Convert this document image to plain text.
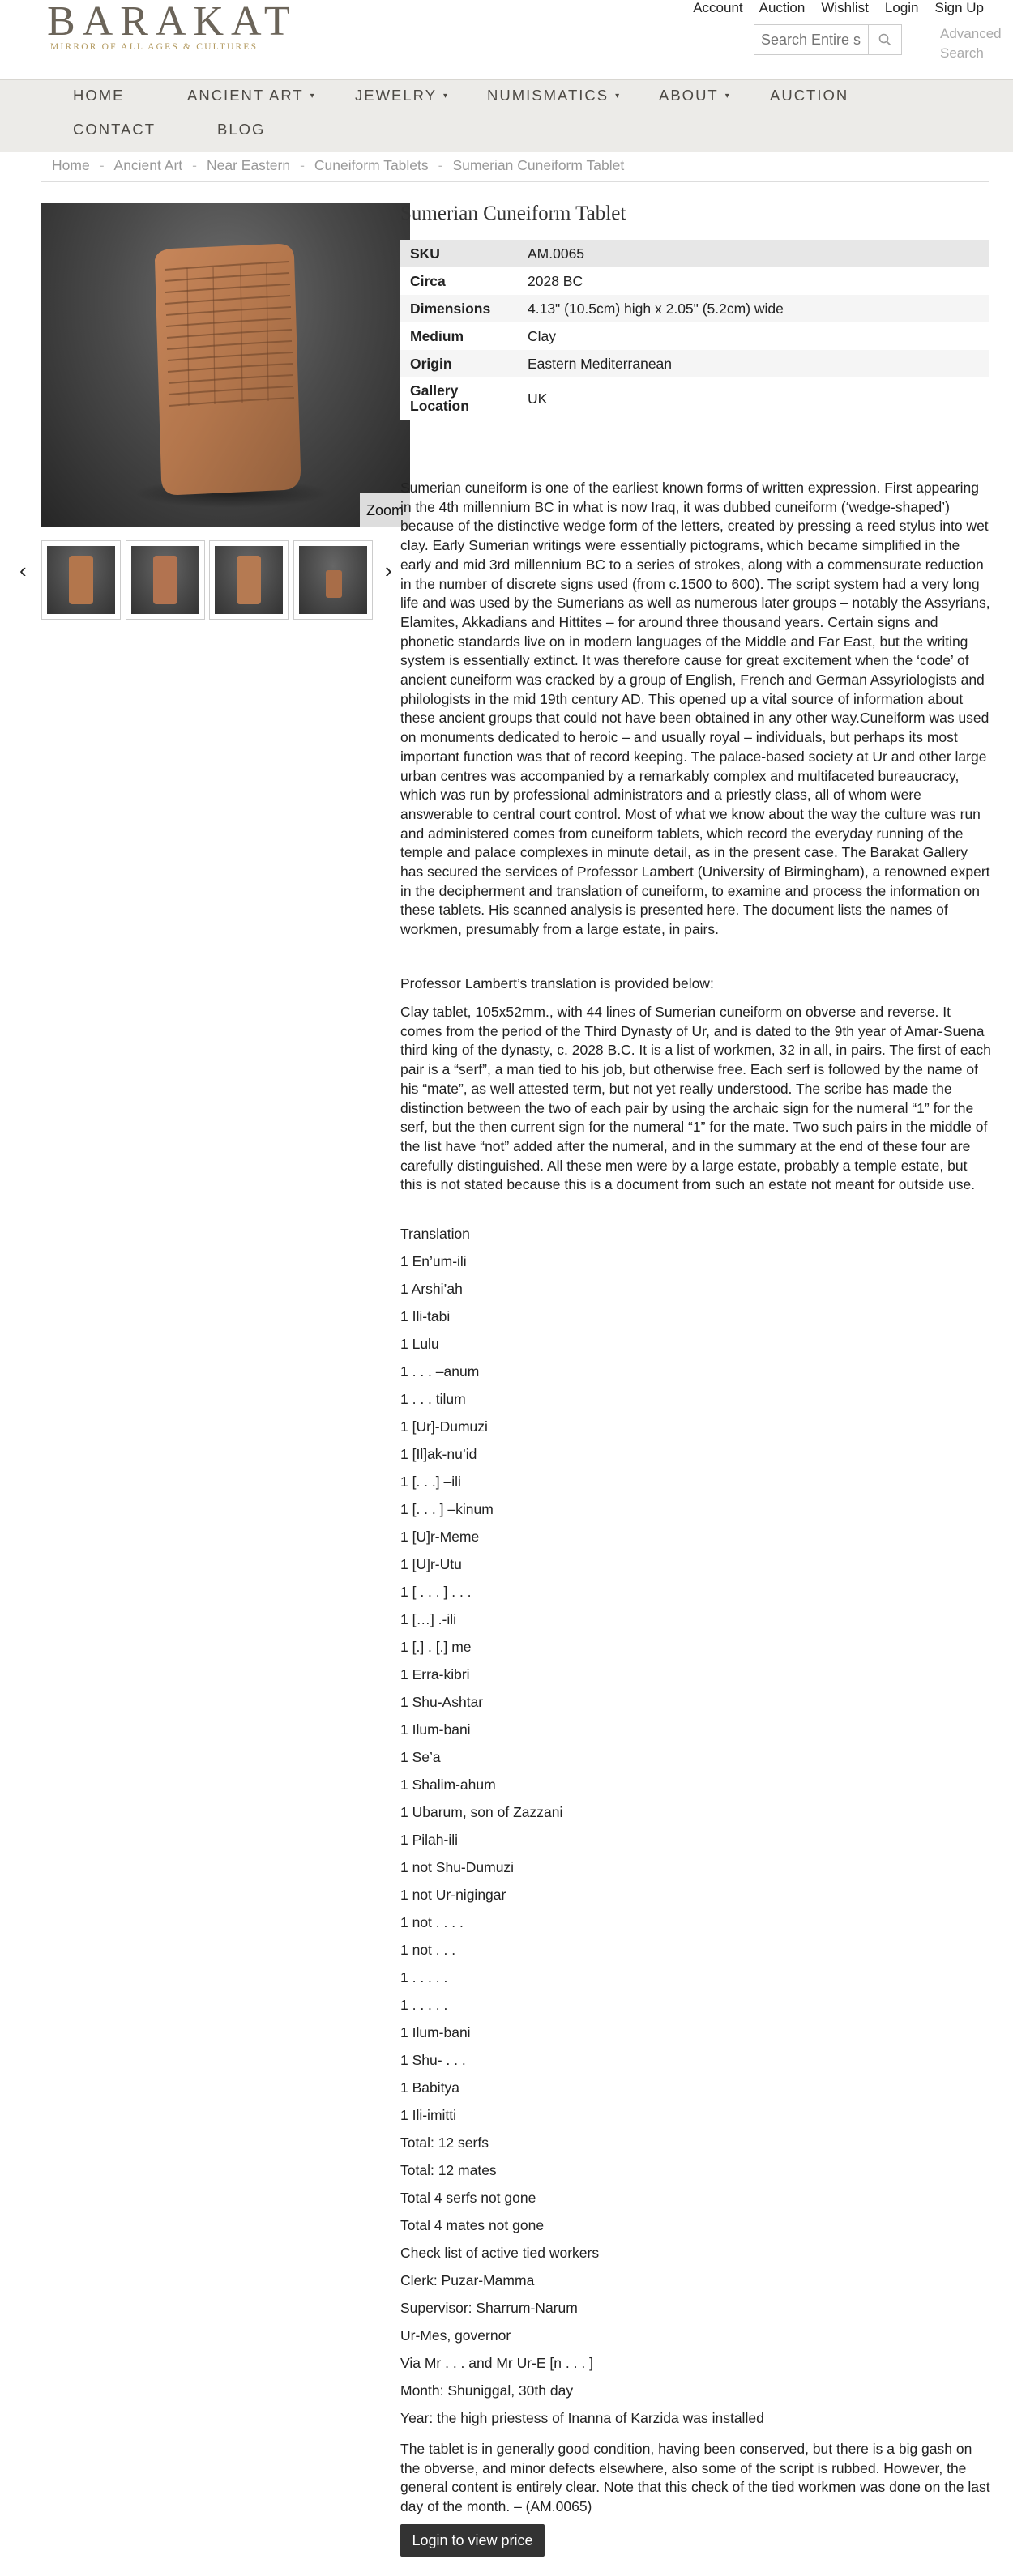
BARAKAT
MIRROR OF ALL AGES & CULTURES
Account Auction Wishlist Login Sign Up
Search Entire store
Advanced
Search
HOME	ANCIENT ART ▾	JEWELRY ▾	NUMISMATICS ▾	ABOUT ▾	AUCTION
CONTACT	BLOG
Home - Ancient Art - Near Eastern - Cuneiform Tablets - Sumerian Cuneiform Tablet
Zoom
‹	›
Sumerian Cuneiform Tablet
SKU	AM.0065
Circa	2028 BC
Dimensions	4.13" (10.5cm) high x 2.05" (5.2cm) wide
Medium	Clay
Origin	Eastern Mediterranean
Gallery Location	UK

Sumerian cuneiform is one of the earliest known forms of written expression. First appearing in the 4th millennium BC in what is now Iraq, it was dubbed cuneiform (‘wedge-shaped’) because of the distinctive wedge form of the letters, created by pressing a reed stylus into wet clay. Early Sumerian writings were essentially pictograms, which became simplified in the early and mid 3rd millennium BC to a series of strokes, along with a commensurate reduction in the number of discrete signs used (from c.1500 to 600). The script system had a very long life and was used by the Sumerians as well as numerous later groups – notably the Assyrians, Elamites, Akkadians and Hittites – for around three thousand years. Certain signs and phonetic standards live on in modern languages of the Middle and Far East, but the writing system is essentially extinct. It was therefore cause for great excitement when the ‘code’ of ancient cuneiform was cracked by a group of English, French and German Assyriologists and philologists in the mid 19th century AD. This opened up a vital source of information about these ancient groups that could not have been obtained in any other way.Cuneiform was used on monuments dedicated to heroic – and usually royal – individuals, but perhaps its most important function was that of record keeping. The palace-based society at Ur and other large urban centres was accompanied by a remarkably complex and multifaceted bureaucracy, which was run by professional administrators and a priestly class, all of whom were answerable to central court control. Most of what we know about the way the culture was run and administered comes from cuneiform tablets, which record the everyday running of the temple and palace complexes in minute detail, as in the present case. The Barakat Gallery has secured the services of Professor Lambert (University of Birmingham), a renowned expert in the decipherment and translation of cuneiform, to examine and process the information on these tablets. His scanned analysis is presented here. The document lists the names of workmen, presumably from a large estate, in pairs.

Professor Lambert’s translation is provided below:
Clay tablet, 105x52mm., with 44 lines of Sumerian cuneiform on obverse and reverse. It comes from the period of the Third Dynasty of Ur, and is dated to the 9th year of Amar-Suena third king of the dynasty, c. 2028 B.C. It is a list of workmen, 32 in all, in pairs. The first of each pair is a “serf”, a man tied to his job, but otherwise free. Each serf is followed by the name of his “mate”, as well attested term, but not yet really understood. The scribe has made the distinction between the two of each pair by using the archaic sign for the numeral “1” for the serf, but the then current sign for the numeral “1” for the mate. Two such pairs in the middle of the list have “not” added after the numeral, and in the summary at the end of these four are carefully distinguished. All these men were by a large estate, probably a temple estate, but this is not stated because this is a document from such an estate not meant for outside use.
Translation
1 En’um-ili
1 Arshi’ah
1 Ili-tabi
1 Lulu
1 . . . –anum
1 . . . tilum
1 [Ur]-Dumuzi
1 [Il]ak-nu’id
1 [. . .] –ili
1 [. . . ] –kinum
1 [U]r-Meme
1 [U]r-Utu
1 [ . . . ] . . .
1 […] .-ili
1 [.] . [.] me
1 Erra-kibri
1 Shu-Ashtar
1 Ilum-bani
1 Se’a
1 Shalim-ahum
1 Ubarum, son of Zazzani
1 Pilah-ili
1 not Shu-Dumuzi
1 not Ur-nigingar
1 not . . . .
1 not . . .
1 . . . . .
1 . . . . .
1 Ilum-bani
1 Shu- . . .
1 Babitya
1 Ili-imitti
Total: 12 serfs
Total: 12 mates
Total 4 serfs not gone
Total 4 mates not gone
Check list of active tied workers
Clerk: Puzar-Mamma
Supervisor: Sharrum-Narum
Ur-Mes, governor
Via Mr . . . and Mr Ur-E [n . . . ]
Month: Shuniggal, 30th day
Year: the high priestess of Inanna of Karzida was installed
The tablet is in generally good condition, having been conserved, but there is a big gash on the obverse, and minor defects elsewhere, also some of the script is rubbed. However, the general content is entirely clear. Note that this check of the tied workmen was done on the last day of the month. – (AM.0065)
Login to view price
